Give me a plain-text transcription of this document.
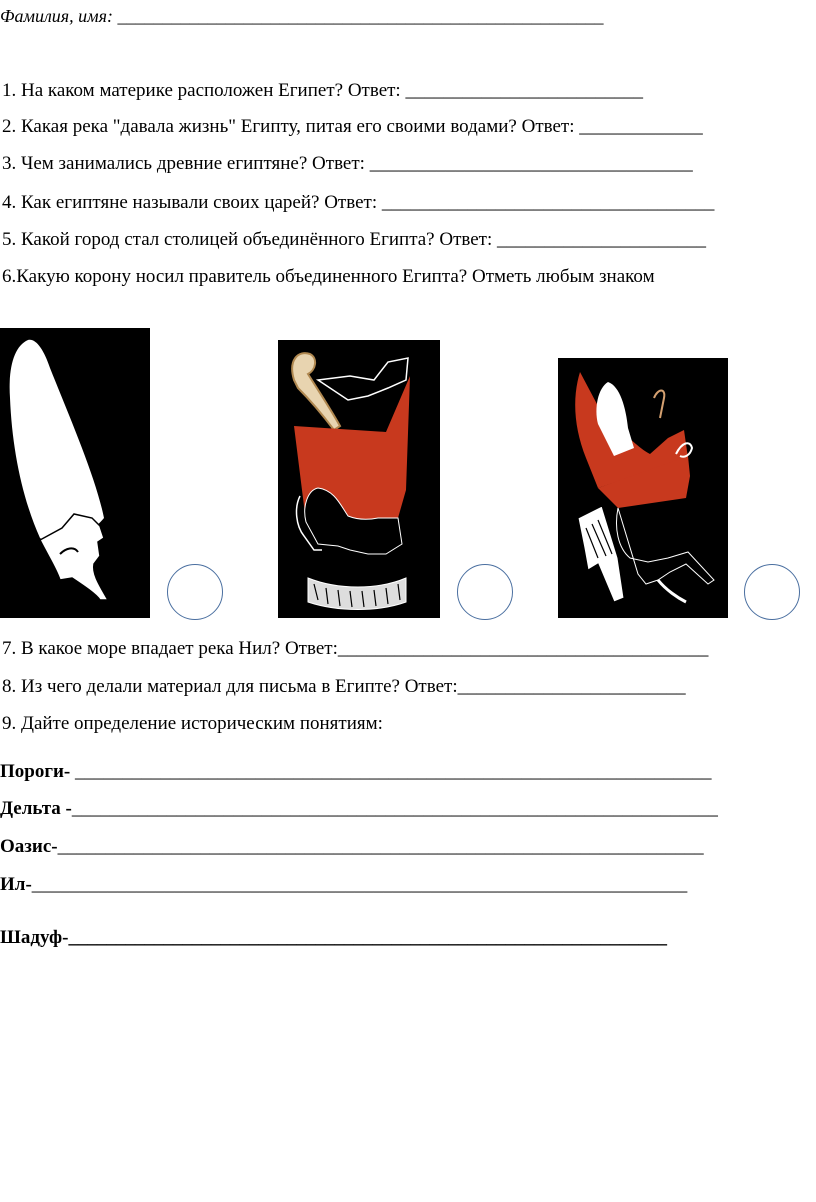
Фамилия, имя: ______________________________________________________
1. На каком материке расположен Египет? Ответ: _________________________
2. Какая река "давала жизнь" Египту, питая его своими водами? Ответ: _____________
3. Чем занимались древние египтяне? Ответ: __________________________________
4. Как египтяне называли своих царей? Ответ: ___________________________________
5. Какой город стал столицей объединённого Египта? Ответ: ______________________
6.Какую корону носил правитель объединенного Египта? Отметь любым знаком
7. В какое море впадает река Нил? Ответ:_______________________________________
8. Из чего делали материал для письма в Египте? Ответ:________________________
9. Дайте определение историческим понятиям:
Пороги- ___________________________________________________________________
Дельта -____________________________________________________________________
Оазис-____________________________________________________________________
Ил-_____________________________________________________________________
Шадуф-_______________________________________________________________
